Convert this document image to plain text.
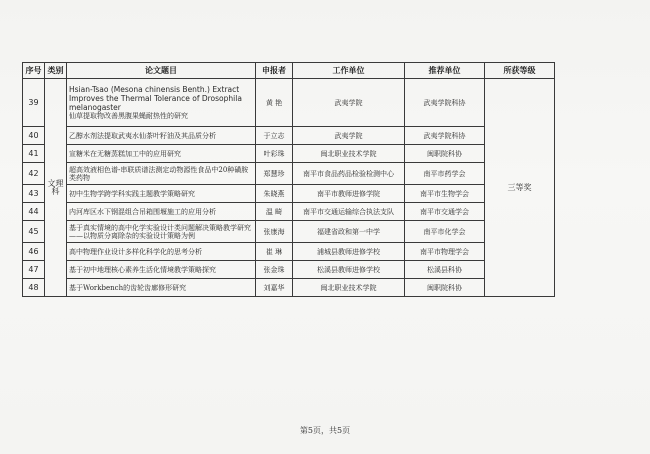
序号	类别	论文题目	申报者	工作单位	推荐单位	所获等级
39	文理科	Hsian-Tsao (Mesona chinensis Benth.) Extract Improves the Thermal Tolerance of Drosophila melanogaster
仙草提取物改善黑腹果蝇耐热性的研究	黄 艳	武夷学院	武夷学院科协	三等奖
40		乙醇水剂法提取武夷水仙茶叶籽油及其品质分析	于立志	武夷学院	武夷学院科协	
41		宣糖米在无糖蒸糕加工中的应用研究	叶彩珠	闽北职业技术学院	闽职院科协	
42		超高效液相色谱-串联质谱法测定动物源性食品中20种磺胺类药物	郑慧珍	南平市食品药品检验检测中心	南平市药学会	
43		初中生物学跨学科实践主题教学策略研究	朱晓燕	南平市教师进修学院	南平市生物学会	
44		内河库区水下钢混组合吊箱围堰施工的应用分析	温 畸	南平市交通运输综合执法支队	南平市交通学会	
45		基于真实情境的高中化学实验设计类问题解决策略教学研究——以物质分离除杂的实验设计策略为例	张康海	福建省政和第一中学	南平市化学会	
46		高中物理作业设计多样化科学化的思考分析	崔 琳	浦城县教师进修学校	南平市物理学会	
47		基于初中地理核心素养生活化情境教学策略探究	张金珠	松溪县教师进修学校	松溪县科协	
48		基于Workbench的齿轮齿廓修形研究	刘嘉华	闽北职业技术学院	闽职院科协	
第5页，共5页
